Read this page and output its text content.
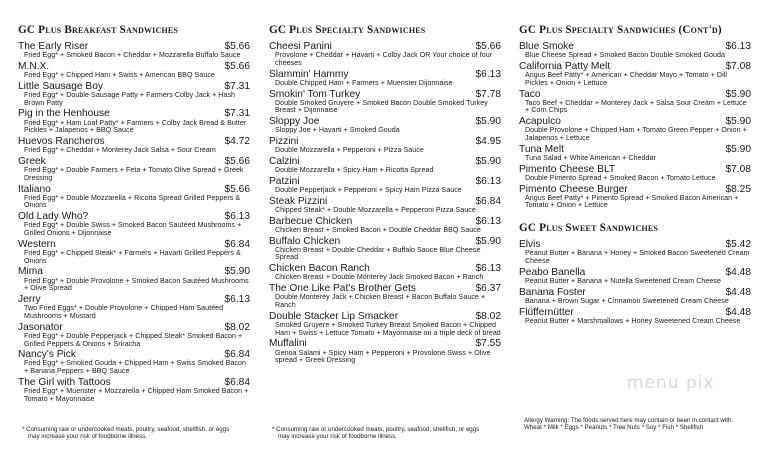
GC Plus Breakfast Sandwiches
The Early Riser	$5.66
Fried Egg* + Smoked Bacon + Cheddar + Mozzarella Buffalo Sauce
M.N.X.	$5.66
Fried Egg* + Chipped Ham + Swiss + American BBQ Sauce
Little Sausage Boy	$7.31
Fried Egg* + Double Sausage Patty + Farmers Colby Jack + Hash Brown Patty
Pig in the Henhouse	$7.31
Fried Egg* + Ham Loaf Patty* + Farmers + Colby Jack Bread & Butter Pickles + Jalapenos + BBQ Sauce
Huevos Rancheros	$4.72
Fried Egg* + Cheddar + Monterey Jack Salsa + Sour Cream
Greek	$5.66
Fried Egg* + Double Farmers + Feta + Tomato Olive Spread + Greek Dressing
Italiano	$5.66
Fried Egg* + Double Mozzarella + Ricotta Spread Grilled Peppers & Onions
Old Lady Who?	$6.13
Fried Egg* + Double Swiss + Smoked Bacon Sautéed Mushrooms + Grilled Onions + Dijonnaise
Western	$6.84
Fried Egg* + Chipped Steak* + Farmers + Havarti Grilled Peppers & Onions
Mima	$5.90
Fried Egg* + Double Provolone + Smoked Bacon Sautéed Mushrooms + Olive Spread
Jerry	$6.13
Two Fried Eggs* + Double Provolone + Chipped Ham Sautéed Mushrooms + Mustard
Jasonator	$8.02
Fried Egg* + Double Pepperjack + Chipped Steak* Smoked Bacon + Grilled Peppers & Onions + Sriracha
Nancy's Pick	$6.84
Fried Egg* + Smoked Gouda + Chipped Ham + Swiss Smoked Bacon + Banana Peppers + BBQ Sauce
The Girl with Tattoos	$6.84
Fried Egg* + Muenster + Mozzarella + Chipped Ham Smoked Bacon + Tomato + Mayonnaise
* Consuming raw or undercooked meats, poultry, seafood, shellfish, or eggs may increase your risk of foodborne illness.
GC Plus Specialty Sandwiches
Cheesi Panini	$5.66
Provolone + Cheddar + Havarti + Colby Jack OR Your choice of four cheeses
Slammin' Hammy	$6.13
Double Chipped Ham + Farmers + Muenster Dijonnaise
Smokin' Tom Turkey	$7.78
Double Smoked Gruyere + Smoked Bacon Double Smoked Turkey Breast + Dijonnaise
Sloppy Joe	$5.90
Sloppy Joe + Havarti + Smoked Gouda
Pizzini	$4.95
Double Mozzarella + Pepperoni + Pizza Sauce
Calzini	$5.90
Double Mozzarella + Spicy Ham + Ricotta Spread
Patzini	$6.13
Double Pepperjack + Pepperoni + Spicy Ham Pizza Sauce
Steak Pizzini	$6.84
Chipped Steak* + Double Mozzarella + Pepperoni Pizza Sauce
Barbecue Chicken	$6.13
Chicken Breast + Smoked Bacon + Double Cheddar BBQ Sauce
Buffalo Chicken	$5.90
Chicken Breast + Double Cheddar + Buffalo Sauce Blue Cheese Spread
Chicken Bacon Ranch	$6.13
Chicken Breast + Double Monterey Jack Smoked Bacon + Ranch
The One Like Pat's Brother Gets	$6.37
Double Monterey Jack + Chicken Breast + Bacon Buffalo Sauce + Ranch
Double Stacker Lip Smacker	$8.02
Smoked Gruyere + Smoked Turkey Breast Smoked Bacon + Chipped Ham + Swiss + Lettuce Tomato + Mayonnaise on a triple deck of bread
Muffalini	$7.55
Genoa Salami + Spicy Ham + Pepperoni + Provolone Swiss + Olive spread + Greek Dressing
* Consuming raw or undercooked meats, poultry, seafood, shellfish, or eggs may increase your risk of foodborne illness.
GC Plus Specialty Sandwiches (Cont'd)
Blue Smoke	$6.13
Blue Cheese Spread + Smoked Bacon Double Smoked Gouda
California Patty Melt	$7.08
Angus Beef Patty* + American + Cheddar Mayo + Tomato + Dill Pickles + Onion + Lettuce
Taco	$5.90
Taco Beef + Cheddar + Monterey Jack + Salsa Sour Cream + Lettuce + Corn Chips
Acapulco	$5.90
Double Provolone + Chipped Ham + Tomato Green Pepper + Onion + Jalapenos + Lettuce
Tuna Melt	$5.90
Tuna Salad + White American + Cheddar
Pimento Cheese BLT	$7.08
Double Pimento Spread + Smoked Bacon + Tomato Lettuce
Pimento Cheese Burger	$8.25
Angus Beef Patty* + Pimento Spread + Smoked Bacon American + Tomato + Onion + Lettuce
GC Plus Sweet Sandwiches
Elvis	$5.42
Peanut Butter + Banana + Honey + Smoked Bacon Sweetened Cream Cheese
Peabo Banella	$4.48
Peanut Butter + Banana + Nutella Sweetened Cream Cheese
Banana Foster	$4.48
Banana + Brown Sugar + Cinnamon Sweetened Cream Cheese
Flüffernütter	$4.48
Peanut Butter + Marshmallows + Honey Sweetened Cream Cheese
Allergy Warning: The foods served here may contain or been in contact with: Wheat * Milk * Eggs * Peanuts * Tree Nuts * Soy * Fish * Shellfish
menu pix
